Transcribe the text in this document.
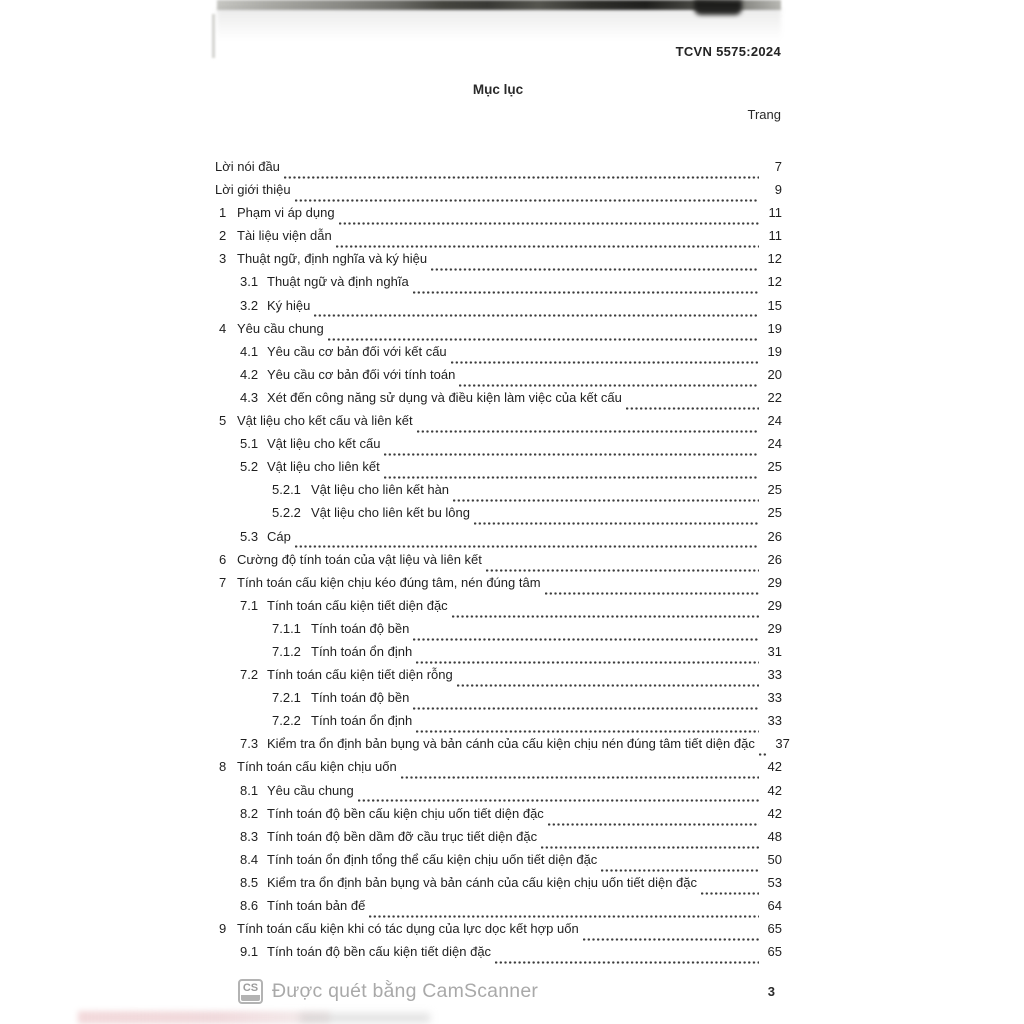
TCVN 5575:2024
Mục lục
Trang
Lời nói đầu	7
Lời giới thiệu	9
1 Phạm vi áp dụng	11
2 Tài liệu viện dẫn	11
3 Thuật ngữ, định nghĩa và ký hiệu	12
3.1 Thuật ngữ và định nghĩa	12
3.2 Ký hiệu	15
4 Yêu cầu chung	19
4.1 Yêu cầu cơ bản đối với kết cấu	19
4.2 Yêu cầu cơ bản đối với tính toán	20
4.3 Xét đến công năng sử dụng và điều kiện làm việc của kết cấu	22
5 Vật liệu cho kết cấu và liên kết	24
5.1 Vật liệu cho kết cấu	24
5.2 Vật liệu cho liên kết	25
5.2.1 Vật liệu cho liên kết hàn	25
5.2.2 Vật liệu cho liên kết bu lông	25
5.3 Cáp	26
6 Cường độ tính toán của vật liệu và liên kết	26
7 Tính toán cấu kiện chịu kéo đúng tâm, nén đúng tâm	29
7.1 Tính toán cấu kiện tiết diện đặc	29
7.1.1 Tính toán độ bền	29
7.1.2 Tính toán ổn định	31
7.2 Tính toán cấu kiện tiết diện rỗng	33
7.2.1 Tính toán độ bền	33
7.2.2 Tính toán ổn định	33
7.3 Kiểm tra ổn định bản bụng và bản cánh của cấu kiện chịu nén đúng tâm tiết diện đặc	37
8 Tính toán cấu kiện chịu uốn	42
8.1 Yêu cầu chung	42
8.2 Tính toán độ bền cấu kiện chịu uốn tiết diện đặc	42
8.3 Tính toán độ bền dầm đỡ cầu trục tiết diện đặc	48
8.4 Tính toán ổn định tổng thể cấu kiện chịu uốn tiết diện đặc	50
8.5 Kiểm tra ổn định bản bụng và bản cánh của cấu kiện chịu uốn tiết diện đặc	53
8.6 Tính toán bản đế	64
9 Tính toán cấu kiện khi có tác dụng của lực dọc kết hợp uốn	65
9.1 Tính toán độ bền cấu kiện tiết diện đặc	65
CS Được quét bằng CamScanner	3
